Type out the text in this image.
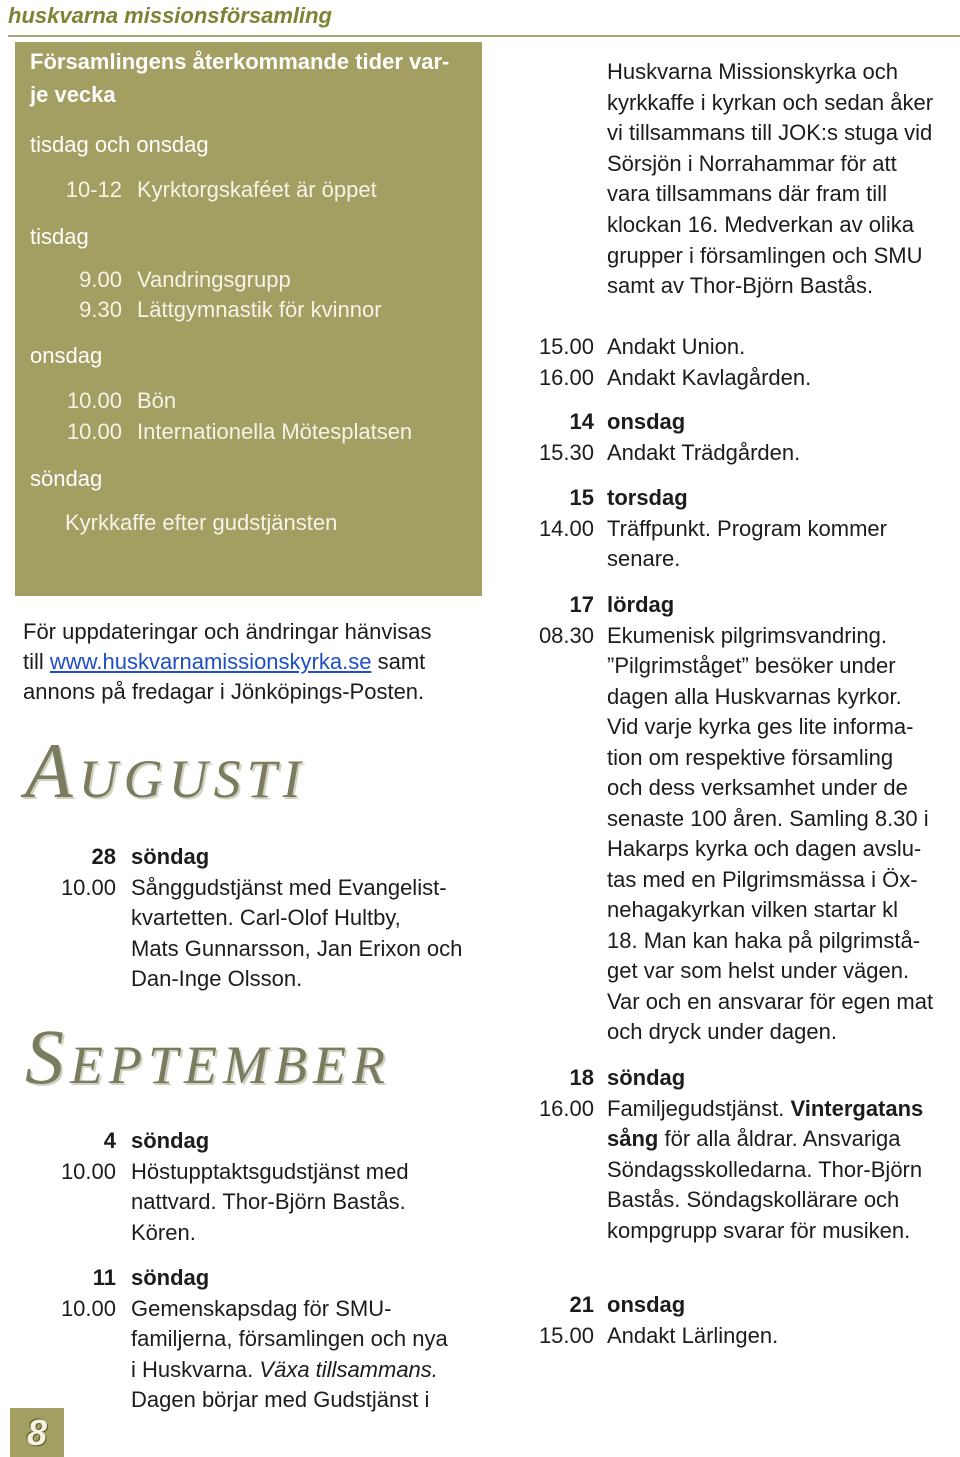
huskvarna missionsförsamling
Församlingens återkommande tider var-
je vecka
tisdag och onsdag
10-12 Kyrktorgskaféet är öppet
tisdag
9.00 Vandringsgrupp
9.30 Lättgymnastik för kvinnor
onsdag
10.00 Bön
10.00 Internationella Mötesplatsen
söndag
Kyrkkaffe efter gudstjänsten
För uppdateringar och ändringar hänvisas
till www.huskvarnamissionskyrka.se samt
annons på fredagar i Jönköpings-Posten.
AUGUSTI
28 söndag
10.00 Sånggudstjänst med Evangelist-
kvartetten. Carl-Olof Hultby,
Mats Gunnarsson, Jan Erixon och
Dan-Inge Olsson.
SEPTEMBER
4 söndag
10.00 Höstupptaktsgudstjänst med
nattvard. Thor-Björn Bastås.
Kören.
11 söndag
10.00 Gemenskapsdag för SMU-
familjerna, församlingen och nya
i Huskvarna. Växa tillsammans.
Dagen börjar med Gudstjänst i
Huskvarna Missionskyrka och
kyrkkaffe i kyrkan och sedan åker
vi tillsammans till JOK:s stuga vid
Sörsjön i Norrahammar för att
vara tillsammans där fram till
klockan 16. Medverkan av olika
grupper i församlingen och SMU
samt av Thor-Björn Bastås.
15.00 Andakt Union.
16.00 Andakt Kavlagården.
14 onsdag
15.30 Andakt Trädgården.
15 torsdag
14.00 Träffpunkt. Program kommer
senare.
17 lördag
08.30 Ekumenisk pilgrimsvandring.
”Pilgrimståget” besöker under
dagen alla Huskvarnas kyrkor.
Vid varje kyrka ges lite informa-
tion om respektive församling
och dess verksamhet under de
senaste 100 åren. Samling 8.30 i
Hakarps kyrka och dagen avslu-
tas med en Pilgrimsmässa i Öx-
nehagakyrkan vilken startar kl
18. Man kan haka på pilgrimstå-
get var som helst under vägen.
Var och en ansvarar för egen mat
och dryck under dagen.
18 söndag
16.00 Familjegudstjänst. Vintergatans
sång för alla åldrar. Ansvariga
Söndagsskolledarna. Thor-Björn
Bastås. Söndagskollärare och
kompgrupp svarar för musiken.
21 onsdag
15.00 Andakt Lärlingen.
8
